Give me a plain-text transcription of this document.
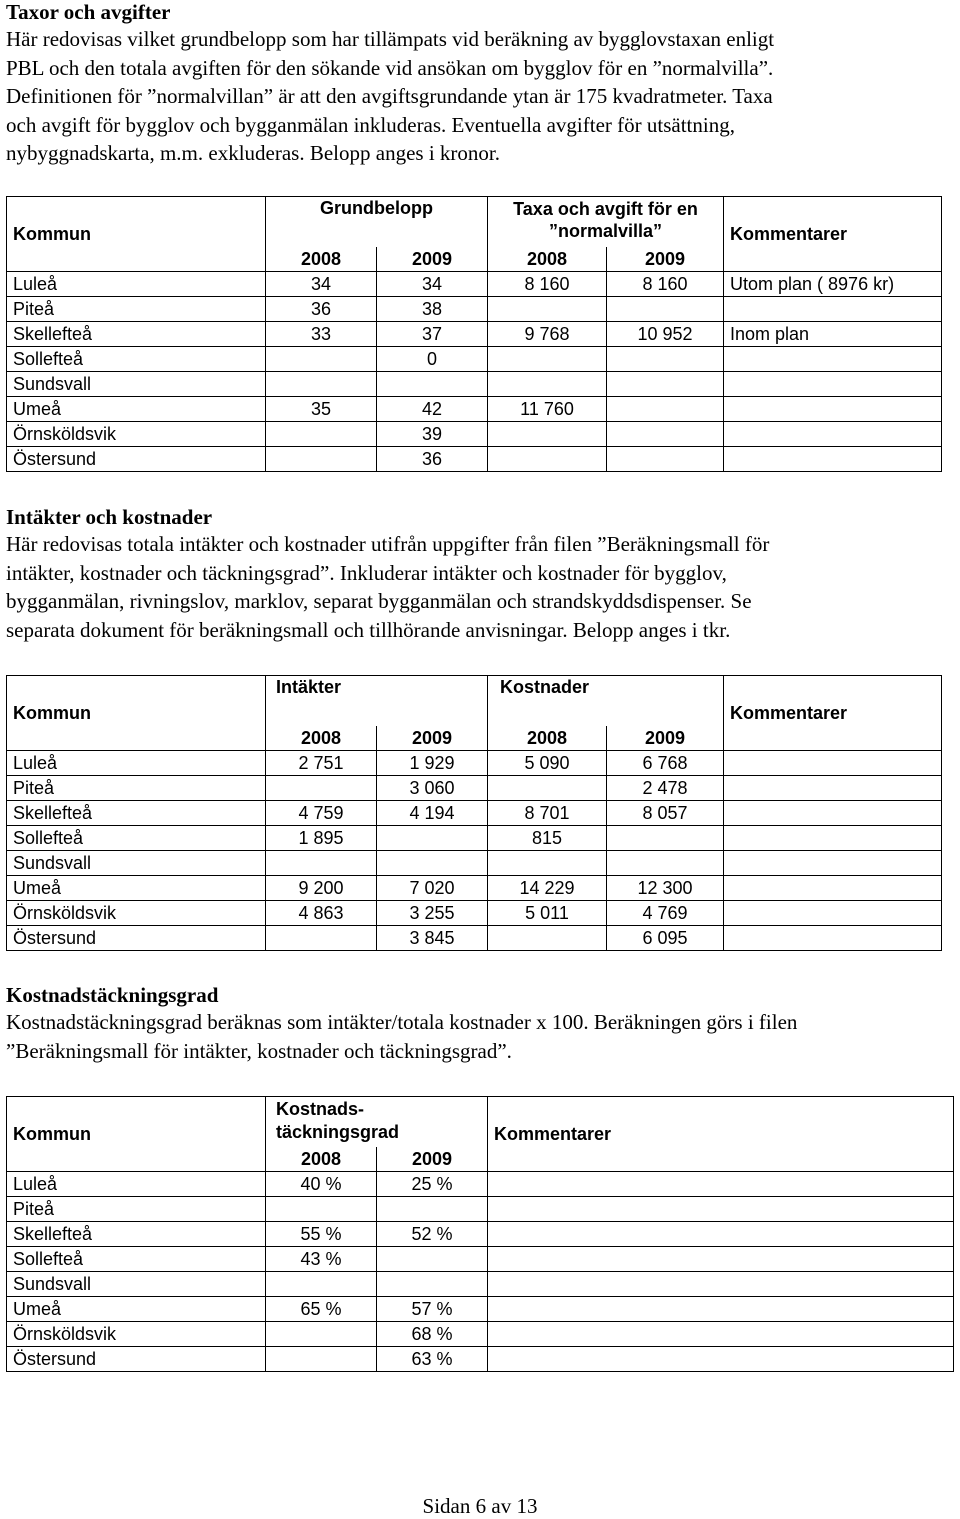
Taxor och avgifter
Här redovisas vilket grundbelopp som har tillämpats vid beräkning av bygglovstaxan enligt
PBL och den totala avgiften för den sökande vid ansökan om bygglov för en ”normalvilla”.
Definitionen för ”normalvillan” är att den avgiftsgrundande ytan är 175 kvadratmeter. Taxa
och avgift för bygglov och bygganmälan inkluderas. Eventuella avgifter för utsättning,
nybyggnadskarta, m.m. exkluderas. Belopp anges i kronor.
Kommun	Grundbelopp		Taxa och avgift för en
”normalvilla”		Kommentarer
	2008	2009	2008	2009	
Luleå	34	34	8 160	8 160	Utom plan ( 8976 kr)
Piteå	36	38			
Skellefteå	33	37	9 768	10 952	Inom plan
Sollefteå		0			
Sundsvall					
Umeå	35	42	11 760		
Örnsköldsvik		39			
Östersund		36			
Intäkter och kostnader
Här redovisas totala intäkter och kostnader utifrån uppgifter från filen ”Beräkningsmall för
intäkter, kostnader och täckningsgrad”. Inkluderar intäkter och kostnader för bygglov,
bygganmälan, rivningslov, marklov, separat bygganmälan och strandskyddsdispenser. Se
separata dokument för beräkningsmall och tillhörande anvisningar. Belopp anges i tkr.
Kommun	Intäkter		Kostnader		Kommentarer
	2008	2009	2008	2009	
Luleå	2 751	1 929	5 090	6 768	
Piteå		3 060		2 478	
Skellefteå	4 759	4 194	8 701	8 057	
Sollefteå	1 895		815		
Sundsvall					
Umeå	9 200	7 020	14 229	12 300	
Örnsköldsvik	4 863	3 255	5 011	4 769	
Östersund		3 845		6 095	
Kostnadstäckningsgrad
Kostnadstäckningsgrad beräknas som intäkter/totala kostnader x 100. Beräkningen görs i filen
”Beräkningsmall för intäkter, kostnader och täckningsgrad”.
Kommun	Kostnads-
täckningsgrad		Kommentarer
	2008	2009	
Luleå	40 %	25 %	
Piteå			
Skellefteå	55 %	52 %	
Sollefteå	43 %		
Sundsvall			
Umeå	65 %	57 %	
Örnsköldsvik		68 %	
Östersund		63 %	
Sidan 6 av 13
